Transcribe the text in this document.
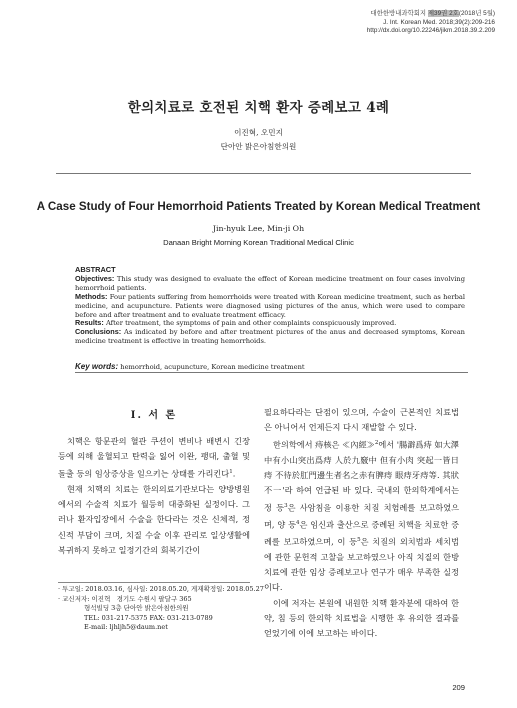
대한한방내과학회지 제39권 2호(2018년 5월)
J. Int. Korean Med. 2018;39(2):209-216
http://dx.doi.org/10.22246/jikm.2018.39.2.209
한의치료로 호전된 치핵 환자 증례보고 4례
이진혁, 오민지
단아안 밝은아침한의원
A Case Study of Four Hemorrhoid Patients Treated by Korean Medical Treatment
Jin-hyuk Lee, Min-ji Oh
Danaan Bright Morning Korean Traditional Medical Clinic
ABSTRACT
Objectives: This study was designed to evaluate the effect of Korean medicine treatment on four cases involving hemorrhoid patients.
Methods: Four patients suffering from hemorrhoids were treated with Korean medicine treatment, such as herbal medicine, and acupuncture. Patients were diagnosed using pictures of the anus, which were used to compare before and after treatment and to evaluate treatment efficacy.
Results: After treatment, the symptoms of pain and other complaints conspicuously improved.
Conclusions: As indicated by before and after treatment pictures of the anus and decreased symptoms, Korean medicine treatment is effective in treating hemorrhoids.
Key words: hemorrhoid, acupuncture, Korean medicine treatment
Ⅰ. 서 론
치핵은 항문관의 혈관 쿠션이 변비나 배변시 긴장 등에 의해 울혈되고 탄력을 잃어 이완, 팽대, 출혈 및 돌출 등의 임상증상을 일으키는 상태를 가리킨다$^1$.
현재 치핵의 치료는 한의의료기관보다는 양방병원에서의 수술적 치료가 월등히 대중화된 실정이다. 그러나 환자입장에서 수술을 한다라는 것은 신체적, 정신적 부담이 크며, 치질 수술 이후 관리로 일상생활에 복귀하지 못하고 일정기간의 회복기간이
· 투고일: 2018.03.16, 심사일: 2018.05.20, 게재확정일: 2018.05.27
· 교신저자: 이진혁 경기도 수원시 팔달구 365
형석빌딩 3층 단아안 밝은아침한의원
TEL: 031-217-5375 FAX: 031-213-0789
E-mail: ljhljh5@daum.net
필요하다라는 단점이 있으며, 수술이 근본적인 치료법은 아니어서 언제든지 다시 재발할 수 있다.
한의학에서 痔核은 ≪內經≫$^2$에서 '腸澼爲痔 如大澤中有小山突出爲痔 人於九竅中 但有小肉 突起一皆日痔 不待於肛門邊生者名之赤有脾痔 眼痔牙痔等. 其狀不一'라 하여 언급된 바 있다. 국내의 한의학계에서는 정 등$^3$은 사암침을 이용한 치질 치험례를 보고하였으며, 양 등$^4$은 임신과 출산으로 증례된 치핵을 치료한 증례를 보고하였으며, 이 등$^5$은 치질의 외치법과 세치법에 관한 문헌적 고찰을 보고하였으나 아직 치질의 한방치료에 관한 임상 증례보고나 연구가 매우 부족한 실정이다.
이에 저자는 본원에 내원한 치핵 환자분에 대하여 한약, 침 등의 한의학 치료법을 시행한 후 유의한 결과를 얻었기에 이에 보고하는 바이다.
209
